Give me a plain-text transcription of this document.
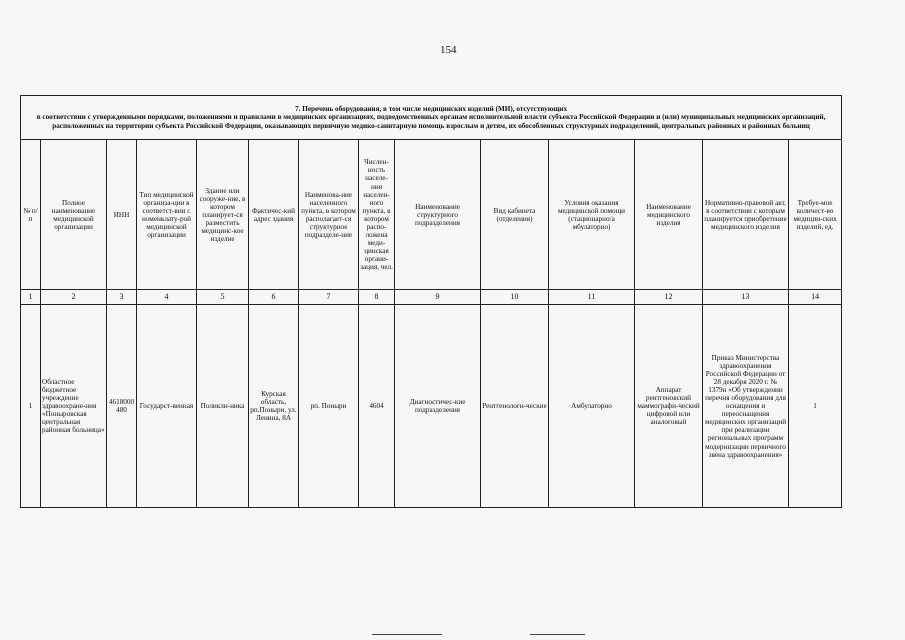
154
7. Перечень оборудования, в том числе медицинских изделий (МИ), отсутствующих
в соответствии с утвержденными порядками, положениями и правилами в медицинских организациях, подведомственных органам исполнительной власти субъекта Российской Федерации и (или) муниципальных медицинских организаций, расположенных на территории субъекта Российской Федерации, оказывающих первичную медико-санитарную помощь взрослым и детям, их обособленных структурных подразделений, центральных районных и районных больниц													

№ п/п	Полное наименование медицинской организации	ИНН	Тип медицинской организа-ции в соответст-вии с номенклату-рой медицинской организации	Здание или сооруже-ние, в котором планирует-ся разместить медицинс-кое изделие	Фактичес-кий адрес здания	Наименова-ние населенного пункта, в котором располагает-ся структурное подразделе-ние	Числен-ность населе-ния населен-ного пункта, в котором распо-ложена меди-цинская органи-зация, чел.	Наименование структурного подразделения	Вид кабинета (отделения)	Условия оказания медицинской помощи (стационарно/а мбулаторно)	Наименование медицинского изделия	Нормативно-правовой акт, в соответствии с которым планируется приобретение медицинского изделия	Требуе-мое количест-во медицин-ских изделий, ед.
1	2	3	4	5	6	7	8	9	10	11	12	13	14
1	Областное бюджетное учреждение здравоохране-ния «Поныровская центральная районная больница»	4618000 480	Государст-венная	Поликли-ника	Курская область, рп.Поныри, ул. Ленина, 8А	рп. Поныри	4604	Диагностичес-кие подразделения	Рентгенологи-ческие	Амбулаторно	Аппарат рентгеновский маммографи-ческий цифровой или аналоговый	Приказ Министерства здравоохранения Российской Федерации от 28 декабря 2020 г. № 1379н «Об утверждении перечня оборудования для оснащения и переоснащения медицинских организаций при реализации региональных программ модернизации первичного звена здравоохранения»	1
